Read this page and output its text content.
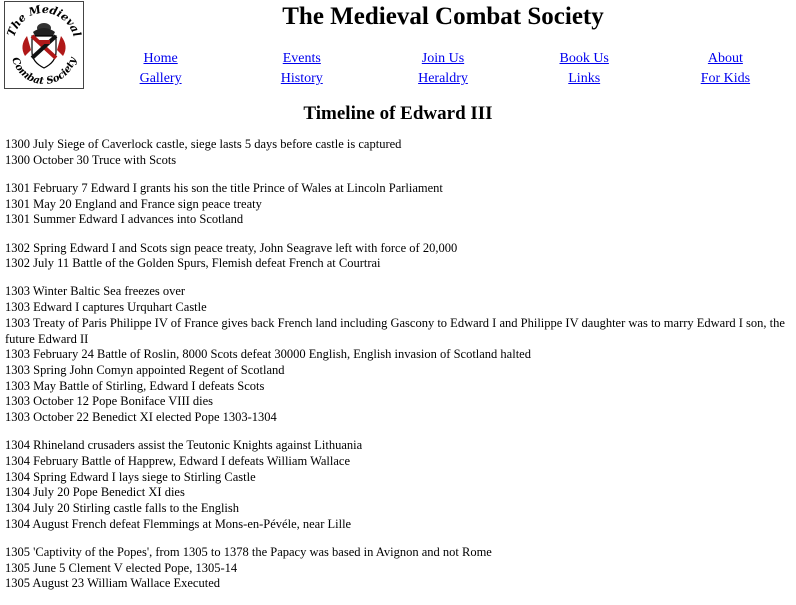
The Medieval
Combat Society
The Medieval Combat Society
Home	Events	Join Us	Book Us	About
Gallery	History	Heraldry	Links	For Kids
Timeline of Edward III
1300 July Siege of Caverlock castle, siege lasts 5 days before castle is captured
1300 October 30 Truce with Scots
1301 February 7 Edward I grants his son the title Prince of Wales at Lincoln Parliament
1301 May 20 England and France sign peace treaty
1301 Summer Edward I advances into Scotland
1302 Spring Edward I and Scots sign peace treaty, John Seagrave left with force of 20,000
1302 July 11 Battle of the Golden Spurs, Flemish defeat French at Courtrai
1303 Winter Baltic Sea freezes over
1303 Edward I captures Urquhart Castle
1303 Treaty of Paris Philippe IV of France gives back French land including Gascony to Edward I and Philippe IV daughter was to marry Edward I son, the future Edward II
1303 February 24 Battle of Roslin, 8000 Scots defeat 30000 English, English invasion of Scotland halted
1303 Spring John Comyn appointed Regent of Scotland
1303 May Battle of Stirling, Edward I defeats Scots
1303 October 12 Pope Boniface VIII dies
1303 October 22 Benedict XI elected Pope 1303-1304
1304 Rhineland crusaders assist the Teutonic Knights against Lithuania
1304 February Battle of Happrew, Edward I defeats William Wallace
1304 Spring Edward I lays siege to Stirling Castle
1304 July 20 Pope Benedict XI dies
1304 July 20 Stirling castle falls to the English
1304 August French defeat Flemmings at Mons-en-Pévéle, near Lille
1305 'Captivity of the Popes', from 1305 to 1378 the Papacy was based in Avignon and not Rome
1305 June 5 Clement V elected Pope, 1305-14
1305 August 23 William Wallace Executed
